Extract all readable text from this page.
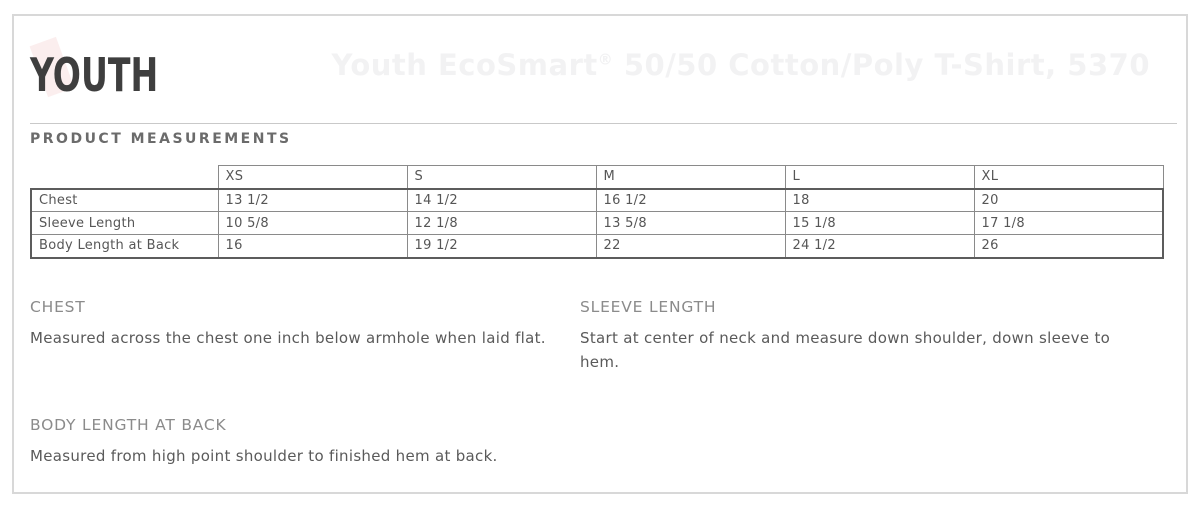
YOUTH	Youth EcoSmart® 50/50 Cotton/Poly T-Shirt, 5370
PRODUCT MEASUREMENTS
	XS	S	M	L	XL
Chest	13 1/2	14 1/2	16 1/2	18	20
Sleeve Length	10 5/8	12 1/8	13 5/8	15 1/8	17 1/8
Body Length at Back	16	19 1/2	22	24 1/2	26
CHEST

Measured across the chest one inch below armhole when laid flat.

SLEEVE LENGTH

Start at center of neck and measure down shoulder, down sleeve to hem.

BODY LENGTH AT BACK

Measured from high point shoulder to finished hem at back.
